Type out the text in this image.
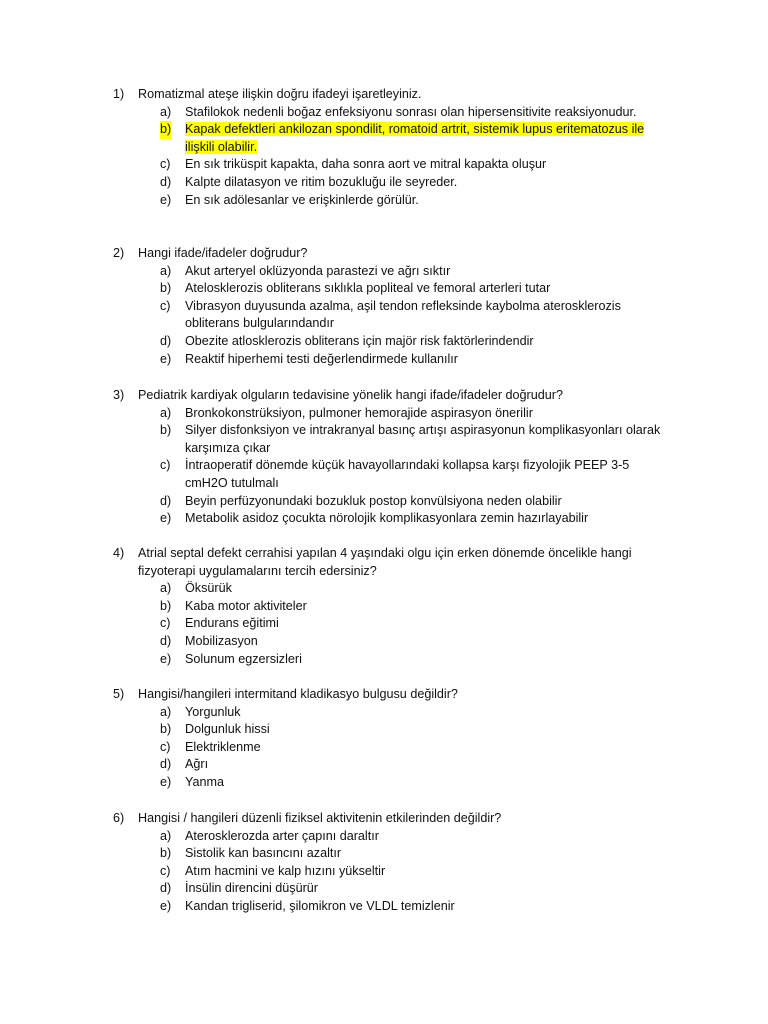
1) Romatizmal ateşe ilişkin doğru ifadeyi işaretleyiniz.
a) Stafilokok nedenli boğaz enfeksiyonu sonrası olan hipersensitivite reaksiyonudur.
b) Kapak defektleri ankilozan spondilit, romatoid artrit, sistemik lupus eritematozus ile ilişkili olabilir.
c) En sık triküspit kapakta, daha sonra aort ve mitral kapakta oluşur
d) Kalpte dilatasyon ve ritim bozukluğu ile seyreder.
e) En sık adölesanlar ve erişkinlerde görülür.
2) Hangi ifade/ifadeler doğrudur?
a) Akut arteryel oklüzyonda parastezi ve ağrı sıktır
b) Atelosklerozis obliterans sıklıkla popliteal ve femoral arterleri tutar
c) Vibrasyon duyusunda azalma, aşil tendon refleksinde kaybolma aterosklerozis obliterans bulgularındandır
d) Obezite atlosklerozis obliterans için majör risk faktörlerindendir
e) Reaktif hiperhemi testi değerlendirmede kullanılır
3) Pediatrik kardiyak olguların tedavisine yönelik hangi ifade/ifadeler doğrudur?
a) Bronkokonstrüksiyon, pulmoner hemorajide aspirasyon önerilir
b) Silyer disfonksiyon ve intrakranyal basınç artışı aspirasyonun komplikasyonları olarak karşımıza çıkar
c) İntraoperatif dönemde küçük havayollarındaki kollapsa karşı fizyolojik PEEP 3-5 cmH2O tutulmalı
d) Beyin perfüzyonundaki bozukluk postop konvülsiyona neden olabilir
e) Metabolik asidoz çocukta nörolojik komplikasyonlara zemin hazırlayabilir
4) Atrial septal defekt cerrahisi yapılan 4 yaşındaki olgu için erken dönemde öncelikle hangi fizyoterapi uygulamalarını tercih edersiniz?
a) Öksürük
b) Kaba motor aktiviteler
c) Endurans eğitimi
d) Mobilizasyon
e) Solunum egzersizleri
5) Hangisi/hangileri intermitand kladikasyo bulgusu değildir?
a) Yorgunluk
b) Dolgunluk hissi
c) Elektriklenme
d) Ağrı
e) Yanma
6) Hangisi / hangileri düzenli fiziksel aktivitenin etkilerinden değildir?
a) Aterosklerozda arter çapını daraltır
b) Sistolik kan basıncını azaltır
c) Atım hacmini ve kalp hızını yükseltir
d) İnsülin direncini düşürür
e) Kandan trigliserid, şilomikron ve VLDL temizlenir
